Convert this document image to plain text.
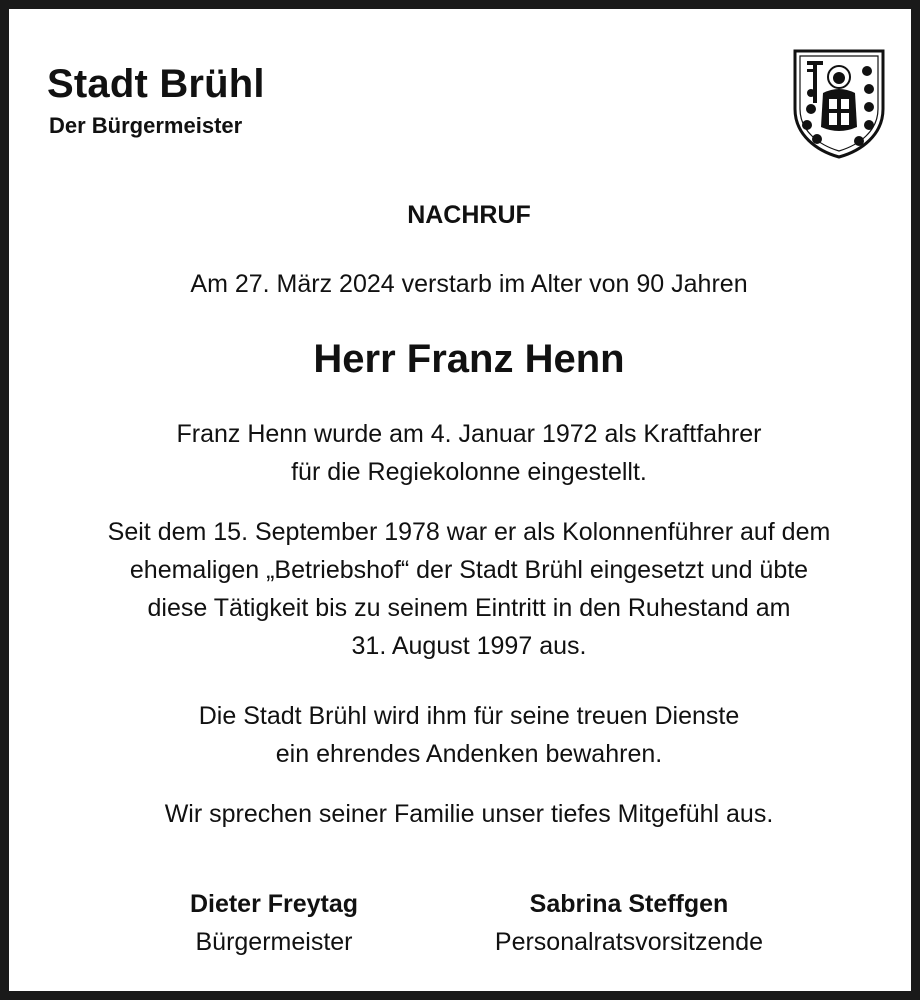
Stadt Brühl
Der Bürgermeister
NACHRUF
Am 27. März 2024 verstarb im Alter von 90 Jahren
Herr Franz Henn
Franz Henn wurde am 4. Januar 1972 als Kraftfahrer
für die Regiekolonne eingestellt.
Seit dem 15. September 1978 war er als Kolonnenführer auf dem
ehemaligen „Betriebshof“ der Stadt Brühl eingesetzt und übte
diese Tätigkeit bis zu seinem Eintritt in den Ruhestand am
31. August 1997 aus.
Die Stadt Brühl wird ihm für seine treuen Dienste
ein ehrendes Andenken bewahren.
Wir sprechen seiner Familie unser tiefes Mitgefühl aus.
Dieter Freytag
Bürgermeister
Sabrina Steffgen
Personalratsvorsitzende
